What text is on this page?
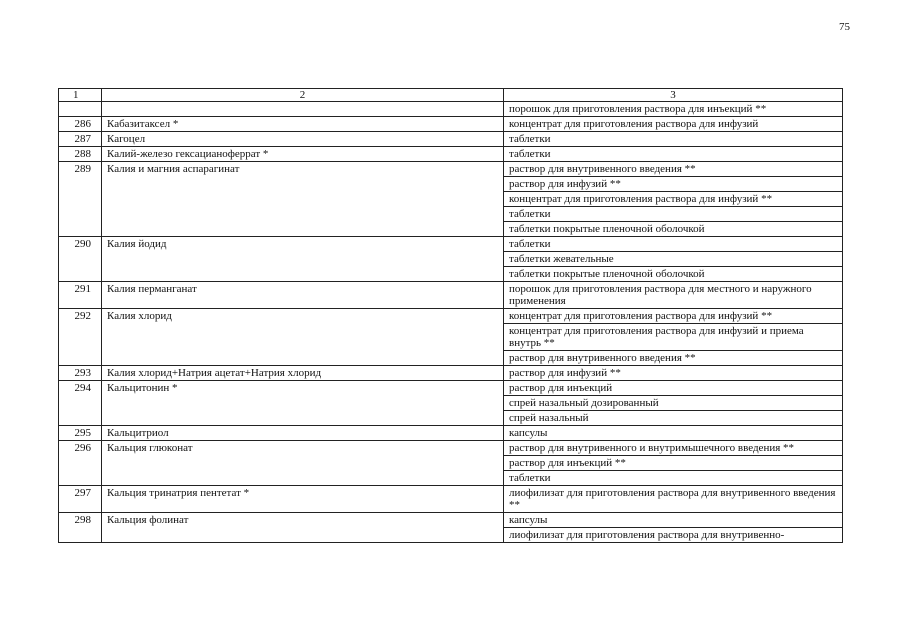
75
1	2	3
		порошок для приготовления раствора для инъекций **
286	Кабазитаксел *	концентрат для приготовления раствора для инфузий
287	Кагоцел	таблетки
288	Калий-железо гексацианоферрат *	таблетки
289	Калия и магния аспарагинат	раствор для внутривенного введения **
		раствор для инфузий **
		концентрат для приготовления раствора для инфузий **
		таблетки
		таблетки покрытые пленочной оболочкой
290	Калия йодид	таблетки
		таблетки жевательные
		таблетки покрытые пленочной оболочкой
291	Калия перманганат	порошок для приготовления раствора для местного и наружного применения
292	Калия хлорид	концентрат для приготовления раствора для инфузий **
		концентрат для приготовления раствора для инфузий и приема внутрь **
		раствор для внутривенного введения **
293	Калия хлорид+Натрия ацетат+Натрия хлорид	раствор для инфузий **
294	Кальцитонин *	раствор для инъекций
		спрей назальный дозированный
		спрей назальный
295	Кальцитриол	капсулы
296	Кальция глюконат	раствор для внутривенного и внутримышечного введения **
		раствор для инъекций **
		таблетки
297	Кальция тринатрия пентетат *	лиофилизат для приготовления раствора для внутривенного введения **
298	Кальция фолинат	капсулы
		лиофилизат для приготовления раствора для внутривенно-
